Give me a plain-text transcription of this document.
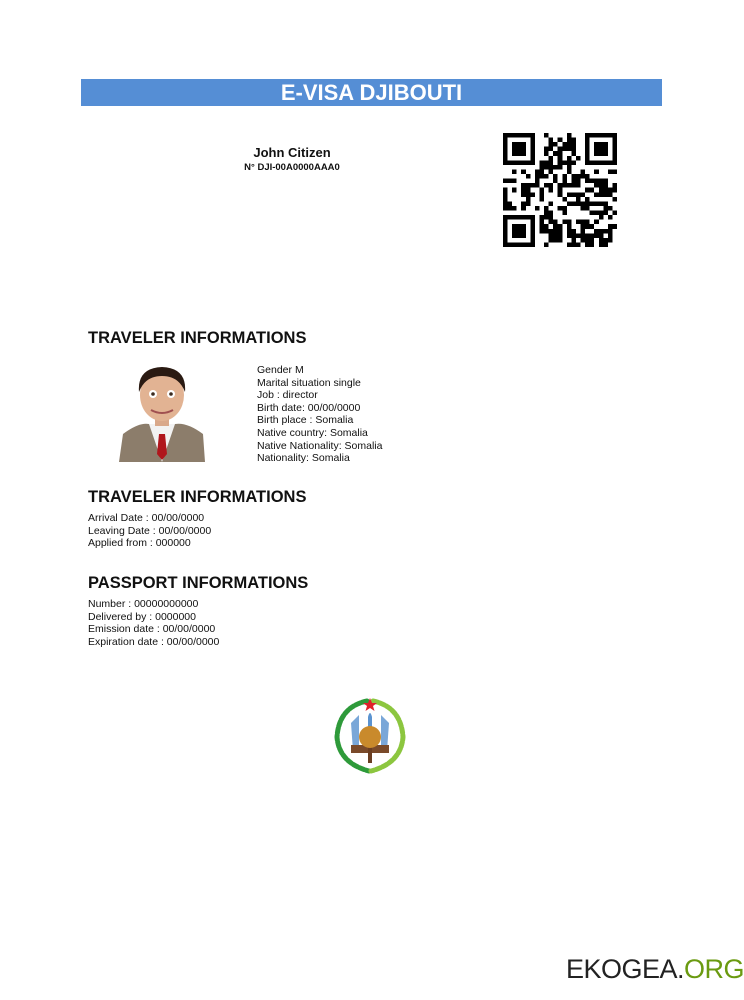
E-VISA DJIBOUTI
John Citizen
N° DJI-00A0000AAA0
TRAVELER INFORMATIONS
Gender M
Marital situation single
Job : director
Birth date: 00/00/0000
Birth place : Somalia
Native country: Somalia
Native Nationality: Somalia
Nationality: Somalia
TRAVELER INFORMATIONS
Arrival Date : 00/00/0000
Leaving Date : 00/00/0000
Applied from : 000000
PASSPORT INFORMATIONS
Number : 00000000000
Delivered by : 0000000
Emission date : 00/00/0000
Expiration date : 00/00/0000
EKOGEA.ORG
